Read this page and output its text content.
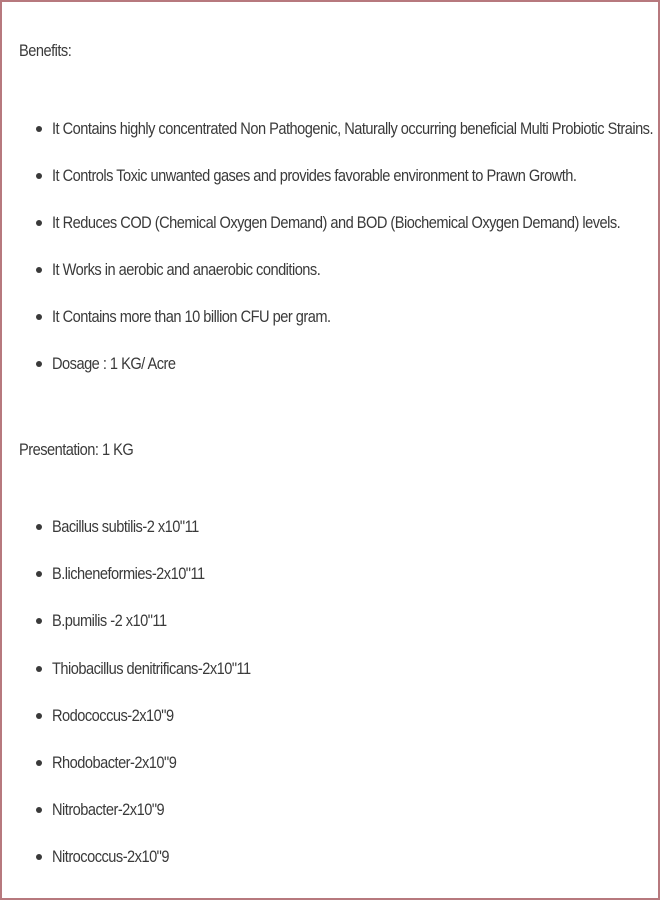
Benefits:
It Contains highly concentrated Non Pathogenic, Naturally occurring beneficial Multi Probiotic Strains.
It Controls Toxic unwanted gases and provides favorable environment to Prawn Growth.
It Reduces COD (Chemical Oxygen Demand) and BOD (Biochemical Oxygen Demand) levels.
It Works in aerobic and anaerobic conditions.
It Contains more than 10 billion CFU per gram.
Dosage : 1 KG/ Acre
Presentation: 1 KG
Bacillus subtilis-2 x10"11
B.licheneformies-2x10"11
B.pumilis -2 x10"11
Thiobacillus denitrificans-2x10"11
Rodococcus-2x10"9
Rhodobacter-2x10"9
Nitrobacter-2x10"9
Nitrococcus-2x10"9
